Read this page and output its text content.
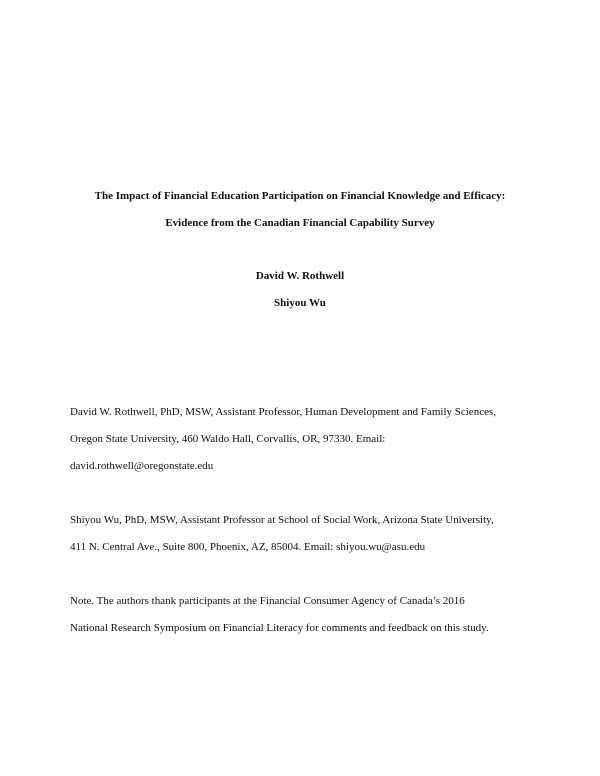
The Impact of Financial Education Participation on Financial Knowledge and Efficacy:
Evidence from the Canadian Financial Capability Survey
David W. Rothwell
Shiyou Wu
David W. Rothwell, PhD, MSW, Assistant Professor, Human Development and Family Sciences,
Oregon State University, 460 Waldo Hall, Corvallis, OR, 97330. Email:
david.rothwell@oregonstate.edu
Shiyou Wu, PhD, MSW, Assistant Professor at School of Social Work, Arizona State University,
411 N. Central Ave., Suite 800, Phoenix, AZ, 85004. Email: shiyou.wu@asu.edu
Note. The authors thank participants at the Financial Consumer Agency of Canada’s 2016
National Research Symposium on Financial Literacy for comments and feedback on this study.
